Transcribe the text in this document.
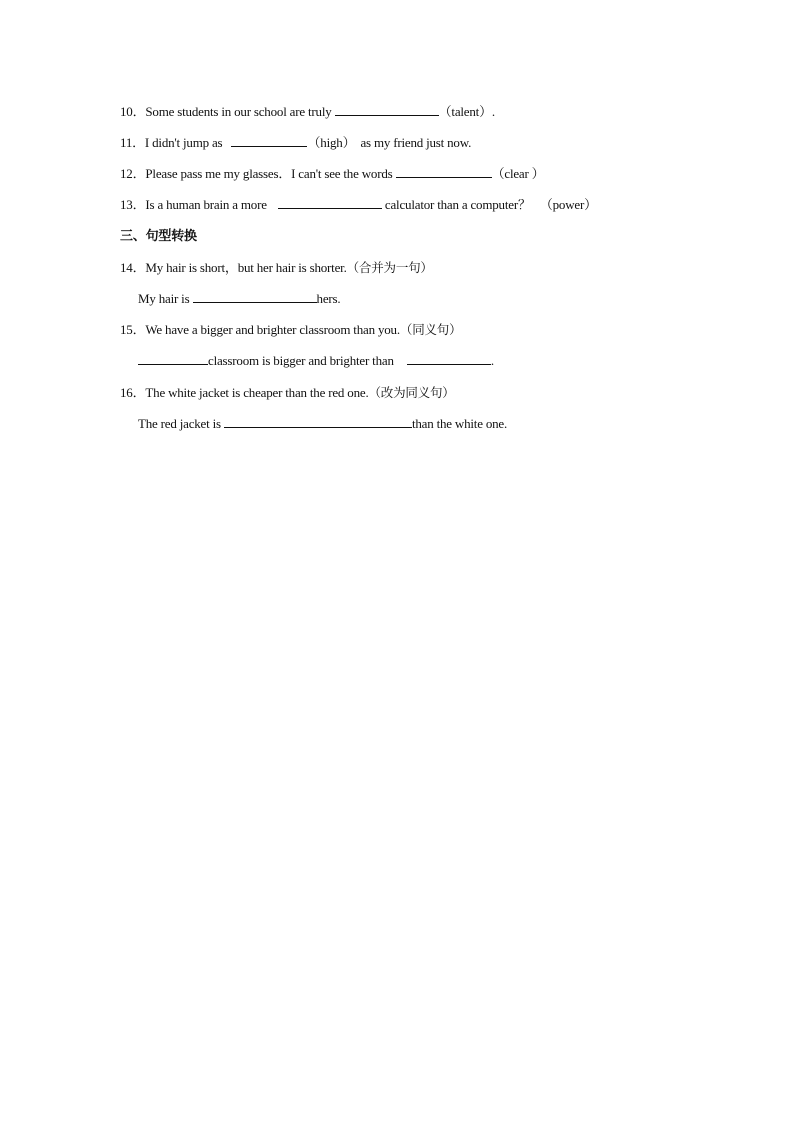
10．Some students in our school are truly	（talent）.
11．I didn't jump as	（high） as my friend just now.
12．Please pass me my glasses．I can't see the words	（clear ）
13．Is a human brain a more	calculator than a computer？ （power）
三、句型转换
14．My hair is short，but her hair is shorter.（合并为一句）
My hair is	hers.
15．We have a bigger and brighter classroom than you.（同义句）
classroom is bigger and brighter than	.
16．The white jacket is cheaper than the red one.（改为同义句）
The red jacket is	than the white one.
